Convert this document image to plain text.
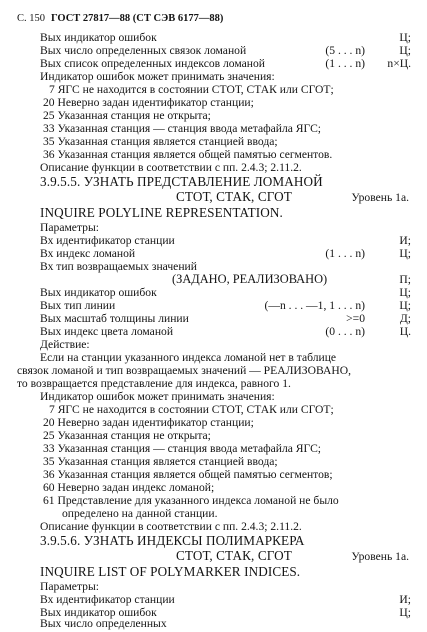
С. 150 ГОСТ 27817—88 (СТ СЭВ 6177—88)
Вых индикатор ошибок	Ц;
Вых число определенных связок ломаной	(5 . . . n)	Ц;
Вых список определенных индексов ломаной	(1 . . . n) n×Ц.
Индикатор ошибок может принимать значения:
7 ЯГС не находится в состоянии СТОТ, СТАК или СГОТ;
20 Неверно задан идентификатор станции;
25 Указанная станция не открыта;
33 Указанная станция — станция ввода метафайла ЯГС;
35 Указанная станция является станцией ввода;
36 Указанная станция является общей памятью сегментов.
Описание функции в соответствии с пп. 2.4.3; 2.11.2.
3.9.5.5. УЗНАТЬ ПРЕДСТАВЛЕНИЕ ЛОМАНОЙ
СТОТ, СТАК, СГОТ	Уровень 1а.
INQUIRE POLYLINE REPRESENTATION.
Параметры:
Вх идентификатор станции	И;
Вх индекс ломаной	(1 . . . n)	Ц;
Вх тип возвращаемых значений
(ЗАДАНО, РЕАЛИЗОВАНО)	П;
Вых индикатор ошибок	Ц;
Вых тип линии	(—n . . . —1, 1 . . . n)	Ц;
Вых масштаб толщины линии	>=0	Д;
Вых индекс цвета ломаной	(0 . . . n)	Ц.
Действие:
Если на станции указанного индекса ломаной нет в таблице
связок ломаной и тип возвращаемых значений — РЕАЛИЗОВАНО,
то возвращается представление для индекса, равного 1.
Индикатор ошибок может принимать значения:
7 ЯГС не находится в состоянии СТОТ, СТАК или СГОТ;
20 Неверно задан идентификатор станции;
25 Указанная станция не открыта;
33 Указанная станция — станция ввода метафайла ЯГС;
35 Указанная станция является станцией ввода;
36 Указанная станция является общей памятью сегментов;
60 Неверно задан индекс ломаной;
61 Представление для указанного индекса ломаной не было
определено на данной станции.
Описание функции в соответствии с пп. 2.4.3; 2.11.2.
3.9.5.6. УЗНАТЬ ИНДЕКСЫ ПОЛИМАРКЕРА
СТОТ, СТАК, СГОТ	Уровень 1а.
INQUIRE LIST OF POLYMARKER INDICES.
Параметры:
Вх идентификатор станции	И;
Вых индикатор ошибок	Ц;
Вых число определенных
